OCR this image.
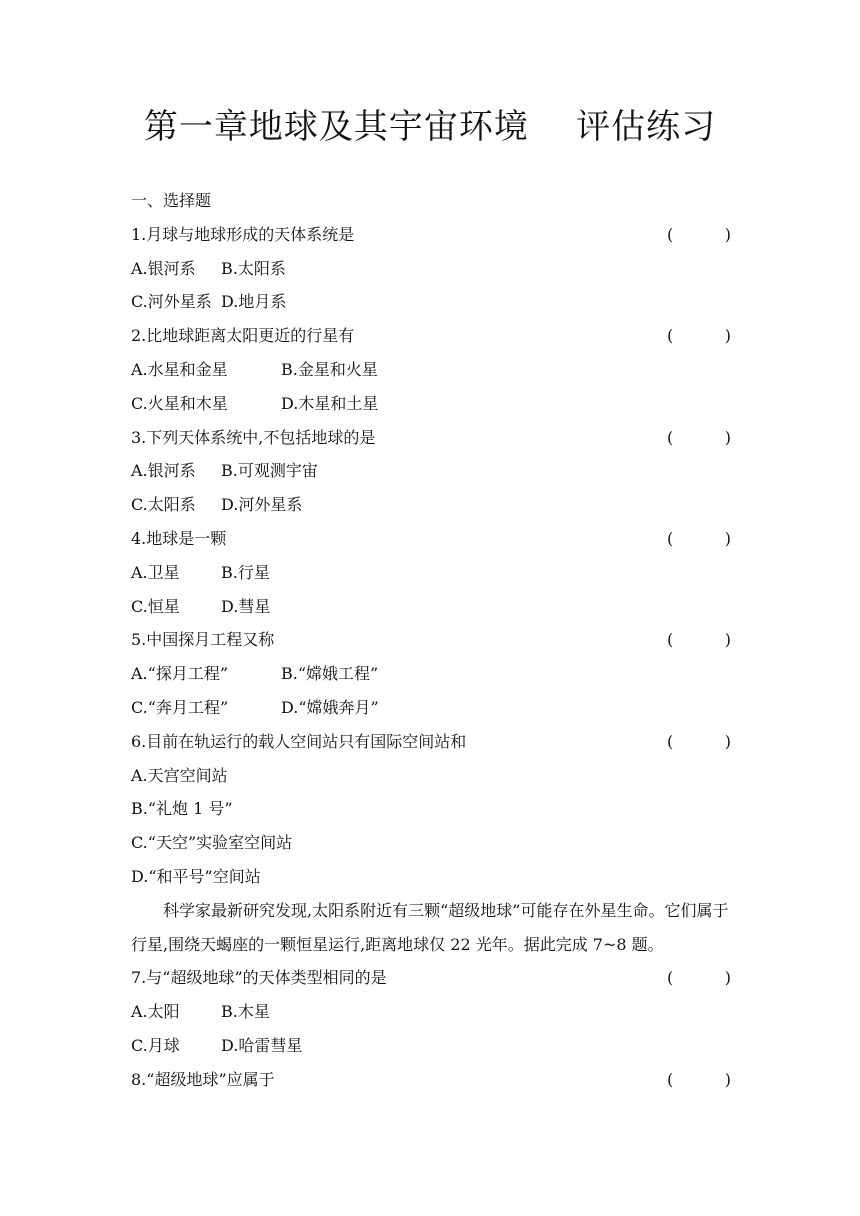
第一章地球及其宇宙环境    评估练习
一、选择题
1.月球与地球形成的天体系统是	(	)
A.银河系 B.太阳系
C.河外星系 D.地月系
2.比地球距离太阳更近的行星有	(	)
A.水星和金星	B.金星和火星
C.火星和木星	D.木星和土星
3.下列天体系统中,不包括地球的是	(	)
A.银河系 B.可观测宇宙
C.太阳系 D.河外星系
4.地球是一颗	(	)
A.卫星	B.行星
C.恒星	D.彗星
5.中国探月工程又称	(	)
A.“探月工程”	B.“嫦娥工程”
C.“奔月工程”	D.“嫦娥奔月”
6.目前在轨运行的载人空间站只有国际空间站和	(	)
A.天宫空间站
B.“礼炮 1 号”
C.“天空”实验室空间站
D.“和平号”空间站
科学家最新研究发现,太阳系附近有三颗“超级地球”可能存在外星生命。它们属于行星,围绕天蝎座的一颗恒星运行,距离地球仅 22 光年。据此完成 7~8 题。
7.与“超级地球”的天体类型相同的是	(	)
A.太阳	B.木星
C.月球	D.哈雷彗星
8.“超级地球”应属于	(	)
